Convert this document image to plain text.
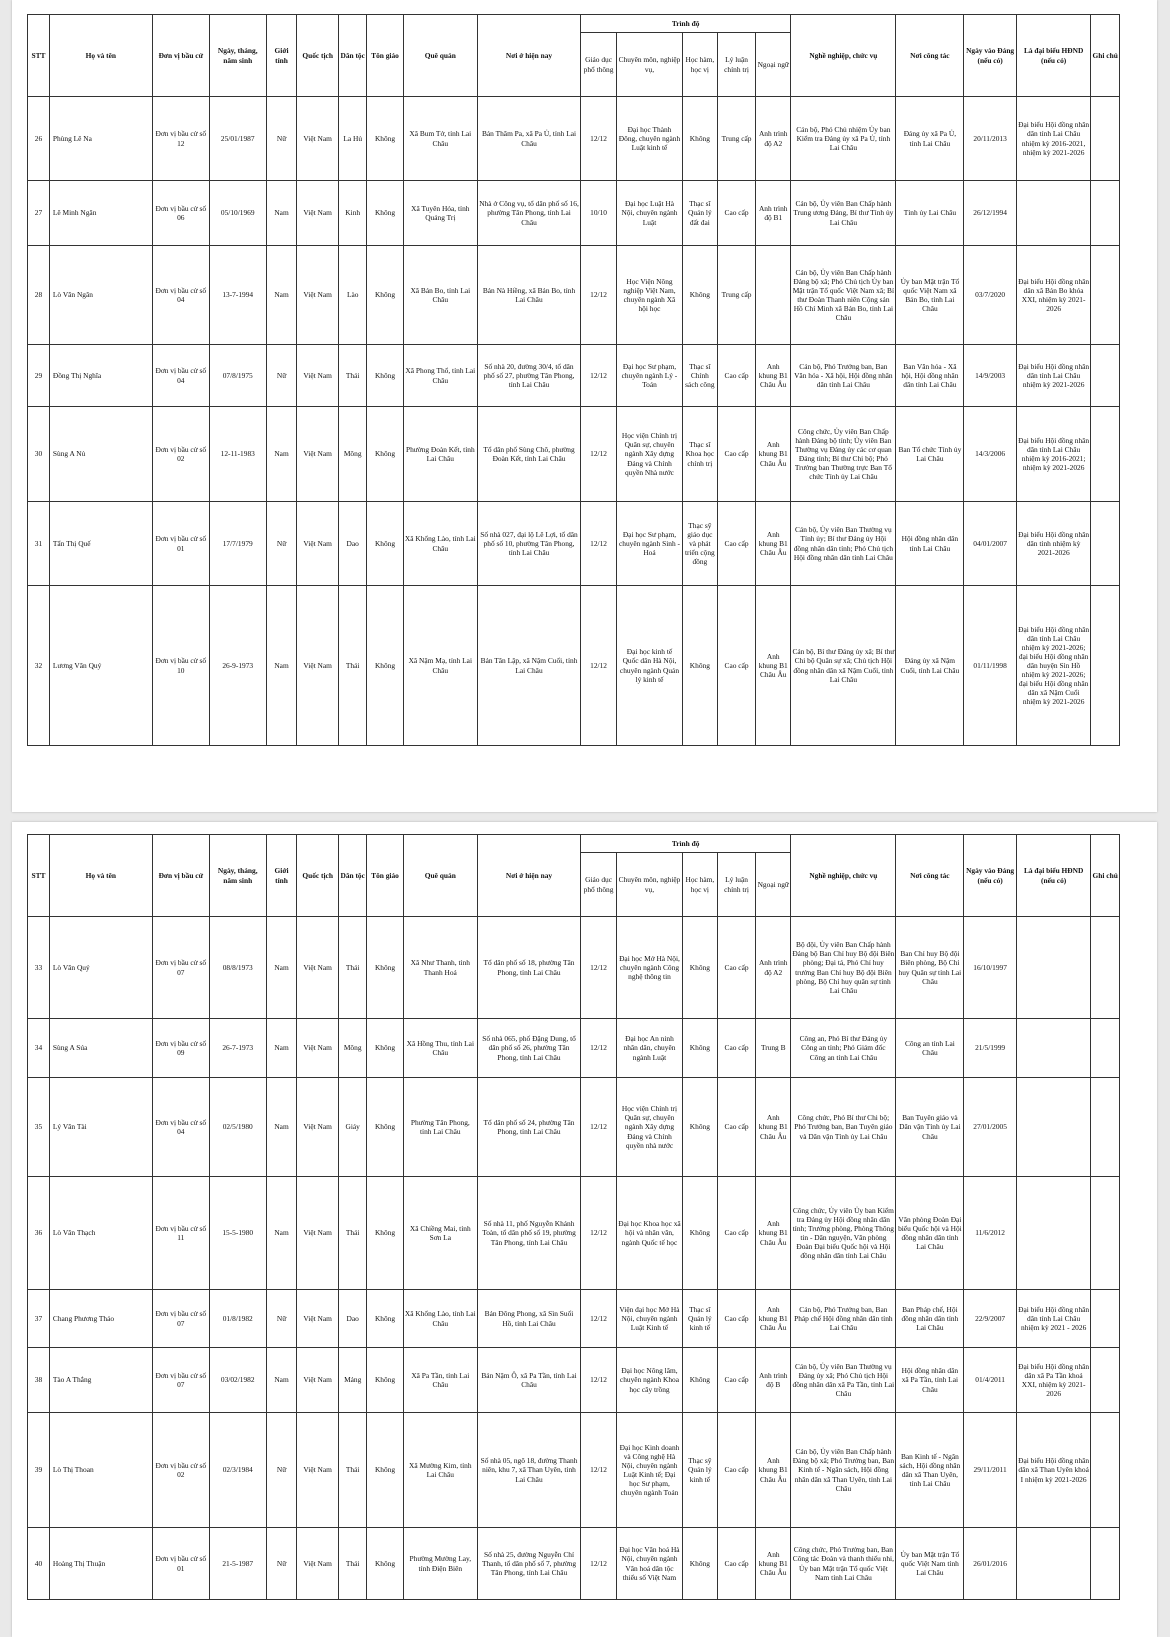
STT	Họ và tên	Đơn vị bầu cử	Ngày, tháng, năm sinh	Giới tính	Quốc tịch	Dân tộc	Tôn giáo	Quê quán	Nơi ở hiện nay	Trình độ					Nghề nghiệp, chức vụ	Nơi công tác	Ngày vào Đảng (nếu có)	Là đại biểu HĐND (nếu có)	Ghi chú
										Giáo dục phổ thông	Chuyên môn, nghiệp vụ,	Học hàm, học vị	Lý luận chính trị	Ngoại ngữ					
26	Phùng Lê Na	Đơn vị bầu cử số 12	25/01/1987	Nữ	Việt Nam	La Hủ	Không	Xã Bum Tở, tỉnh Lai Châu	Bản Thăm Pa, xã Pa Ủ, tỉnh Lai Châu	12/12	Đại học Thành Đông, chuyên ngành Luật kinh tế	Không	Trung cấp	Anh trình độ A2	Cán bộ, Phó Chủ nhiệm Ủy ban Kiểm tra Đảng ủy xã Pa Ủ, tỉnh Lai Châu	Đảng ủy xã Pa Ủ, tỉnh Lai Châu	20/11/2013	Đại biểu Hội đồng nhân dân tỉnh Lai Châu nhiệm kỳ 2016-2021, nhiệm kỳ 2021-2026	
27	Lê Minh Ngân	Đơn vị bầu cử số 06	05/10/1969	Nam	Việt Nam	Kinh	Không	Xã Tuyên Hóa, tỉnh Quảng Trị	Nhà ở Công vụ, tổ dân phố số 16, phường Tân Phong, tỉnh Lai Châu	10/10	Đại học Luật Hà Nội, chuyên ngành Luật	Thạc sĩ Quản lý đất đai	Cao cấp	Anh trình độ B1	Cán bộ, Ủy viên Ban Chấp hành Trung ương Đảng, Bí thư Tỉnh ủy Lai Châu	Tỉnh ủy Lai Châu	26/12/1994		
28	Lò Văn Ngân	Đơn vị bầu cử số 04	13-7-1994	Nam	Việt Nam	Lào	Không	Xã Bản Bo, tỉnh Lai Châu	Bản Nà Hiềng, xã Bản Bo, tỉnh Lai Châu	12/12	Học Viện Nông nghiệp Việt Nam, chuyên ngành Xã hội học	Không	Trung cấp		Cán bộ, Ủy viên Ban Chấp hành Đảng bộ xã; Phó Chủ tịch Ủy ban Mặt trận Tổ quốc Việt Nam xã; Bí thư Đoàn Thanh niên Cộng sản Hồ Chí Minh xã Bản Bo, tỉnh Lai Châu	Ủy ban Mặt trận Tổ quốc Việt Nam xã Bản Bo, tỉnh Lai Châu	03/7/2020	Đại biểu Hội đồng nhân dân xã Bản Bo khóa XXI, nhiệm kỳ 2021- 2026	
29	Đồng Thị Nghĩa	Đơn vị bầu cử số 04	07/8/1975	Nữ	Việt Nam	Thái	Không	Xã Phong Thổ, tỉnh Lai Châu	Số nhà 20, đường 30/4, tổ dân phố số 27, phường Tân Phong, tỉnh Lai Châu	12/12	Đại học Sư phạm, chuyên ngành Lý - Toán	Thạc sĩ Chính sách công	Cao cấp	Anh khung B1 Châu Âu	Cán bộ, Phó Trưởng ban, Ban Văn hóa - Xã hội, Hội đồng nhân dân tỉnh Lai Châu	Ban Văn hóa - Xã hội, Hội đồng nhân dân tỉnh Lai Châu	14/9/2003	Đại biểu Hội đồng nhân dân tỉnh Lai Châu nhiệm kỳ 2021-2026	
30	Sùng A Nủ	Đơn vị bầu cử số 02	12-11-1983	Nam	Việt Nam	Mông	Không	Phường Đoàn Kết, tỉnh Lai Châu	Tổ dân phố Sùng Chô, phường Đoàn Kết, tỉnh Lai Châu	12/12	Học viện Chính trị Quân sự, chuyên ngành Xây dựng Đảng và Chính quyền Nhà nước	Thạc sĩ Khoa học chính trị	Cao cấp	Anh khung B1 Châu Âu	Công chức, Ủy viên Ban Chấp hành Đảng bộ tỉnh; Ủy viên Ban Thường vụ Đảng ủy các cơ quan Đảng tỉnh; Bí thư Chi bộ; Phó Trưởng ban Thường trực Ban Tổ chức Tỉnh ủy Lai Châu	Ban Tổ chức Tỉnh ủy Lai Châu	14/3/2006	Đại biểu Hội đồng nhân dân tỉnh Lai Châu nhiệm kỳ 2016-2021; nhiệm kỳ 2021-2026	
31	Tẩn Thị Quế	Đơn vị bầu cử số 01	17/7/1979	Nữ	Việt Nam	Dao	Không	Xã Khổng Lào, tỉnh Lai Châu	Số nhà 027, đại lộ Lê Lợi, tổ dân phố số 10, phường Tân Phong, tỉnh Lai Châu	12/12	Đại học Sư phạm, chuyên ngành Sinh - Hoá	Thạc sỹ giáo dục và phát triển cộng đồng	Cao cấp	Anh khung B1 Châu Âu	Cán bộ, Ủy viên Ban Thường vụ Tỉnh ủy; Bí thư Đảng ủy Hội đồng nhân dân tỉnh; Phó Chủ tịch Hội đồng nhân dân tỉnh Lai Châu	Hội đồng nhân dân tỉnh Lai Châu	04/01/2007	Đại biểu Hội đồng nhân dân tỉnh nhiệm kỳ 2021-2026	
32	Lương Văn Quý	Đơn vị bầu cử số 10	26-9-1973	Nam	Việt Nam	Thái	Không	Xã Nậm Mạ, tỉnh Lai Châu	Bản Tân Lập, xã Nậm Cuổi, tỉnh Lai Châu	12/12	Đại học kinh tế Quốc dân Hà Nội, chuyên ngành Quản lý kinh tế	Không	Cao cấp	Anh khung B1 Châu Âu	Cán bộ, Bí thư Đảng ủy xã; Bí thư Chi bộ Quân sự xã; Chủ tịch Hội đồng nhân dân xã Nậm Cuổi, tỉnh Lai Châu	Đảng ủy xã Nậm Cuổi, tỉnh Lai Châu	01/11/1998	Đại biểu Hội đồng nhân dân tỉnh Lai Châu nhiệm kỳ 2021-2026; đại biểu Hội đồng nhân dân huyện Sìn Hồ nhiệm kỳ 2021-2026; đại biểu Hội đồng nhân dân xã Nậm Cuổi nhiệm kỳ 2021-2026	
STT	Họ và tên	Đơn vị bầu cử	Ngày, tháng, năm sinh	Giới tính	Quốc tịch	Dân tộc	Tôn giáo	Quê quán	Nơi ở hiện nay	Trình độ					Nghề nghiệp, chức vụ	Nơi công tác	Ngày vào Đảng (nếu có)	Là đại biểu HĐND (nếu có)	Ghi chú
										Giáo dục phổ thông	Chuyên môn, nghiệp vụ,	Học hàm, học vị	Lý luận chính trị	Ngoại ngữ					
33	Lò Văn Quý	Đơn vị bầu cử số 07	08/8/1973	Nam	Việt Nam	Thái	Không	Xã Như Thanh, tỉnh Thanh Hoá	Tổ dân phố số 18, phường Tân Phong, tỉnh Lai Châu	12/12	Đại học Mở Hà Nội, chuyên ngành Công nghệ thông tin	Không	Cao cấp	Anh trình độ A2	Bộ đội, Ủy viên Ban Chấp hành Đảng bộ Ban Chỉ huy Bộ đội Biên phòng; Đại tá, Phó Chỉ huy trưởng Ban Chỉ huy Bộ đội Biên phòng, Bộ Chỉ huy quân sự tỉnh Lai Châu	Ban Chỉ huy Bộ đội Biên phòng, Bộ Chỉ huy Quân sự tỉnh Lai Châu	16/10/1997		
34	Sùng A Súa	Đơn vị bầu cử số 09	26-7-1973	Nam	Việt Nam	Mông	Không	Xã Hồng Thu, tỉnh Lai Châu	Số nhà 065, phố Đặng Dung, tổ dân phố số 26, phường Tân Phong, tỉnh Lai Châu	12/12	Đại học An ninh nhân dân, chuyên ngành Luật	Không	Cao cấp	Trung B	Công an, Phó Bí thư Đảng ủy Công an tỉnh; Phó Giám đốc Công an tỉnh Lai Châu	Công an tỉnh Lai Châu	21/5/1999		
35	Lý Văn Tài	Đơn vị bầu cử số 04	02/5/1980	Nam	Việt Nam	Giáy	Không	Phường Tân Phong, tỉnh Lai Châu	Tổ dân phố số 24, phường Tân Phong, tỉnh Lai Châu	12/12	Học viện Chính trị Quân sự, chuyên ngành Xây dựng Đảng và Chính quyền nhà nước	Không	Cao cấp	Anh khung B1 Châu Âu	Công chức, Phó Bí thư Chi bộ; Phó Trưởng ban, Ban Tuyên giáo và Dân vận Tỉnh ủy Lai Châu	Ban Tuyên giáo và Dân vận Tỉnh ủy Lai Châu	27/01/2005		
36	Lò Văn Thạch	Đơn vị bầu cử số 11	15-5-1980	Nam	Việt Nam	Thái	Không	Xã Chiềng Mai, tỉnh Sơn La	Số nhà 11, phố Nguyễn Khánh Toàn, tổ dân phố số 19, phường Tân Phong, tỉnh Lai Châu	12/12	Đại học Khoa học xã hội và nhân văn, ngành Quốc tế học	Không	Cao cấp	Anh khung B1 Châu Âu	Công chức, Ủy viên Ủy ban Kiểm tra Đảng ủy Hội đồng nhân dân tỉnh; Trưởng phòng, Phòng Thông tin - Dân nguyện, Văn phòng Đoàn Đại biểu Quốc hội và Hội đồng nhân dân tỉnh Lai Châu	Văn phòng Đoàn Đại biểu Quốc hội và Hội đồng nhân dân tỉnh Lai Châu	11/6/2012		
37	Chang Phương Thảo	Đơn vị bầu cử số 07	01/8/1982	Nữ	Việt Nam	Dao	Không	Xã Khổng Lào, tỉnh Lai Châu	Bản Đông Phong, xã Sìn Suối Hồ, tỉnh Lai Châu	12/12	Viện đại học Mở Hà Nội, chuyên ngành Luật Kinh tế	Thạc sĩ Quản lý kinh tế	Cao cấp	Anh khung B1 Châu Âu	Cán bộ, Phó Trưởng ban, Ban Pháp chế Hội đồng nhân dân tỉnh Lai Châu	Ban Pháp chế, Hội đồng nhân dân tỉnh Lai Châu	22/9/2007	Đại biểu Hội đồng nhân dân tỉnh Lai Châu nhiệm kỳ 2021 - 2026	
38	Tào A Thắng	Đơn vị bầu cử số 07	03/02/1982	Nam	Việt Nam	Mảng	Không	Xã Pa Tần, tỉnh Lai Châu	Bản Nậm Ô, xã Pa Tần, tỉnh Lai Châu	12/12	Đại học Nông lâm, chuyên ngành Khoa học cây trồng	Không	Cao cấp	Anh trình độ B	Cán bộ, Ủy viên Ban Thường vụ Đảng ủy xã; Phó Chủ tịch Hội đồng nhân dân xã Pa Tần, tỉnh Lai Châu	Hội đồng nhân dân xã Pa Tần, tỉnh Lai Châu	01/4/2011	Đại biểu Hội đồng nhân dân xã Pa Tần khoá XXI, nhiệm kỳ 2021-2026	
39	Lò Thị Thoan	Đơn vị bầu cử số 02	02/3/1984	Nữ	Việt Nam	Thái	Không	Xã Mường Kim, tỉnh Lai Châu	Số nhà 05, ngõ 18, đường Thanh niên, khu 7, xã Than Uyên, tỉnh Lai Châu	12/12	Đại học Kinh doanh và Công nghệ Hà Nội, chuyên ngành Luật Kinh tế; Đại học Sư phạm, chuyên ngành Toán	Thạc sỹ Quản lý kinh tế	Cao cấp	Anh khung B1 Châu Âu	Cán bộ, Ủy viên Ban Chấp hành Đảng bộ xã; Phó Trưởng ban, Ban Kinh tế - Ngân sách, Hội đồng nhân dân xã Than Uyên, tỉnh Lai Châu	Ban Kinh tế - Ngân sách, Hội đồng nhân dân xã Than Uyên, tỉnh Lai Châu	29/11/2011	Đại biểu Hội đồng nhân dân xã Than Uyên khoá I nhiệm kỳ 2021-2026	
40	Hoàng Thị Thuận	Đơn vị bầu cử số 01	21-5-1987	Nữ	Việt Nam	Thái	Không	Phường Mường Lay, tỉnh Điện Biên	Số nhà 25, đường Nguyễn Chí Thanh, tổ dân phố số 7, phường Tân Phong, tỉnh Lai Châu	12/12	Đại học Văn hoá Hà Nội, chuyên ngành Văn hoá dân tộc thiểu số Việt Nam	Không	Cao cấp	Anh khung B1 Châu Âu	Công chức, Phó Trưởng ban, Ban Công tác Đoàn và thanh thiếu nhi, Ủy ban Mặt trận Tổ quốc Việt Nam tỉnh Lai Châu	Ủy ban Mặt trận Tổ quốc Việt Nam tỉnh Lai Châu	26/01/2016		
